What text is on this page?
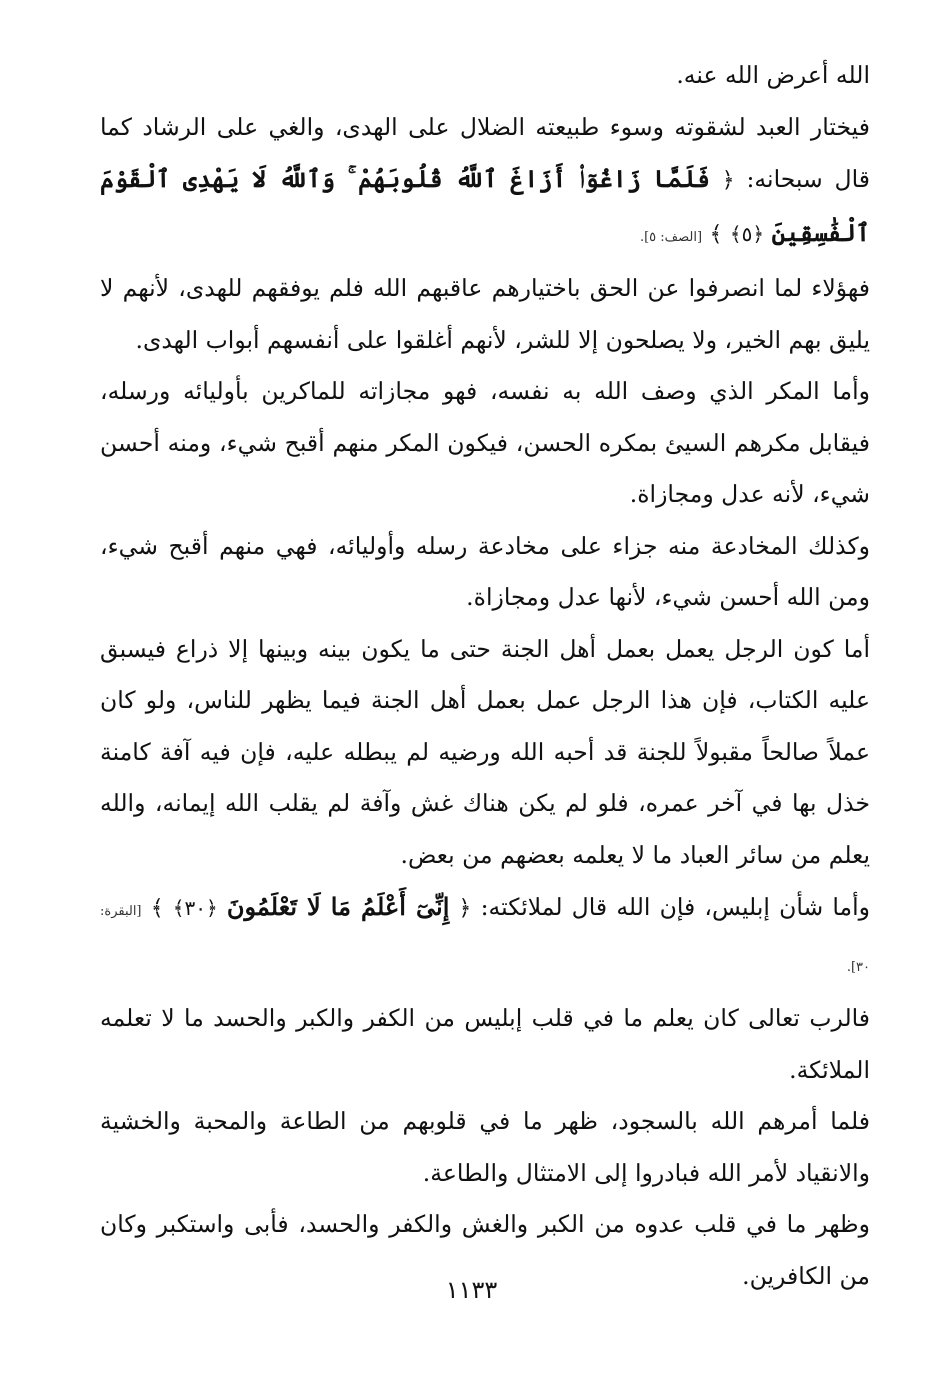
الله أعرض الله عنه.

فيختار العبد لشقوته وسوء طبيعته الضلال على الهدى، والغي على الرشاد كما قال سبحانه: ﴿ فَلَمَّا زَاغُوٓا۟ أَزَاغَ ٱللَّهُ قُلُوبَهُمْ ۚ وَٱللَّهُ لَا يَهْدِى ٱلْقَوْمَ ٱلْفَٰسِقِينَ ﴿٥﴾ ﴾ [الصف: ٥].

فهؤلاء لما انصرفوا عن الحق باختيارهم عاقبهم الله فلم يوفقهم للهدى، لأنهم لا يليق بهم الخير، ولا يصلحون إلا للشر، لأنهم أغلقوا على أنفسهم أبواب الهدى.

وأما المكر الذي وصف الله به نفسه، فهو مجازاته للماكرين بأوليائه ورسله، فيقابل مكرهم السيئ بمكره الحسن، فيكون المكر منهم أقبح شيء، ومنه أحسن شيء، لأنه عدل ومجازاة.

وكذلك المخادعة منه جزاء على مخادعة رسله وأوليائه، فهي منهم أقبح شيء، ومن الله أحسن شيء، لأنها عدل ومجازاة.

أما كون الرجل يعمل بعمل أهل الجنة حتى ما يكون بينه وبينها إلا ذراع فيسبق عليه الكتاب، فإن هذا الرجل عمل بعمل أهل الجنة فيما يظهر للناس، ولو كان عملاً صالحاً مقبولاً للجنة قد أحبه الله ورضيه لم يبطله عليه، فإن فيه آفة كامنة خذل بها في آخر عمره، فلو لم يكن هناك غش وآفة لم يقلب الله إيمانه، والله يعلم من سائر العباد ما لا يعلمه بعضهم من بعض.

وأما شأن إبليس، فإن الله قال لملائكته: ﴿ إِنِّىٓ أَعْلَمُ مَا لَا تَعْلَمُونَ ﴿٣٠﴾ ﴾ [البقرة: ٣٠].

فالرب تعالى كان يعلم ما في قلب إبليس من الكفر والكبر والحسد ما لا تعلمه الملائكة.

فلما أمرهم الله بالسجود، ظهر ما في قلوبهم من الطاعة والمحبة والخشية والانقياد لأمر الله فبادروا إلى الامتثال والطاعة.

وظهر ما في قلب عدوه من الكبر والغش والكفر والحسد، فأبى واستكبر وكان من الكافرين.

١١٣٣
